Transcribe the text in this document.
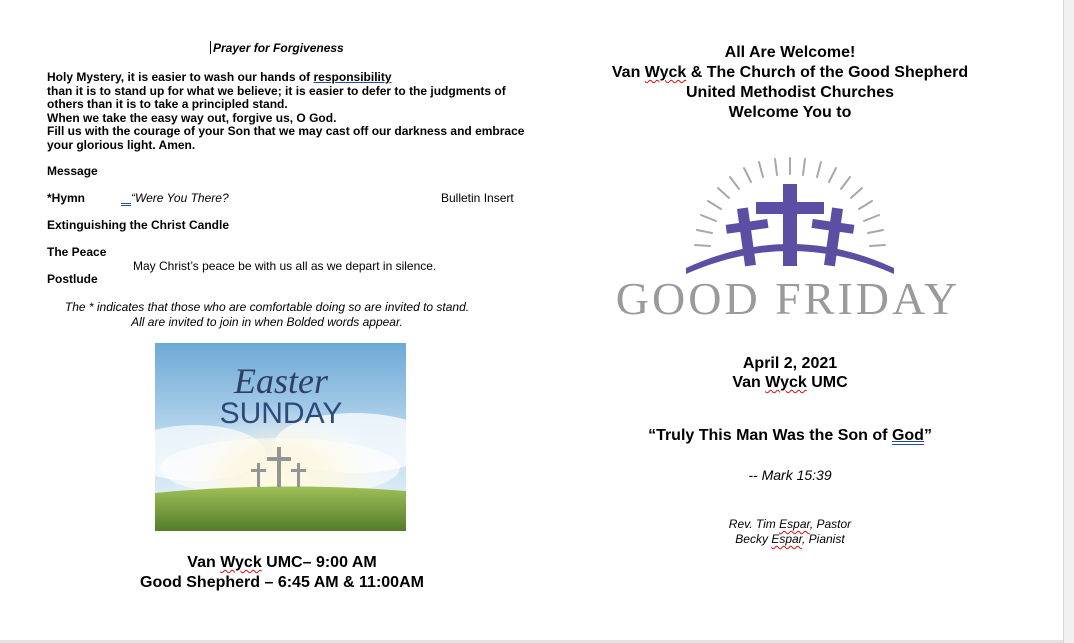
Prayer for Forgiveness
Holy Mystery, it is easier to wash our hands of responsibility
than it is to stand up for what we believe; it is easier to defer to the judgments of
others than it is to take a principled stand.
When we take the easy way out, forgive us, O God.
Fill us with the courage of your Son that we may cast off our darkness and embrace
your glorious light. Amen.
Message
*Hymn	“Were You There?	Bulletin Insert
Extinguishing the Christ Candle
The Peace
May Christ’s peace be with us all as we depart in silence.
Postlude
The * indicates that those who are comfortable doing so are invited to stand.
All are invited to join in when Bolded words appear.
Easter
SUNDAY
Van Wyck UMC– 9:00 AM
Good Shepherd – 6:45 AM & 11:00AM
All Are Welcome!
Van Wyck & The Church of the Good Shepherd
United Methodist Churches
Welcome You to
GOOD FRIDAY
April 2, 2021
Van Wyck UMC
“Truly This Man Was the Son of God”
-- Mark 15:39
Rev. Tim Espar, Pastor
Becky Espar, Pianist
